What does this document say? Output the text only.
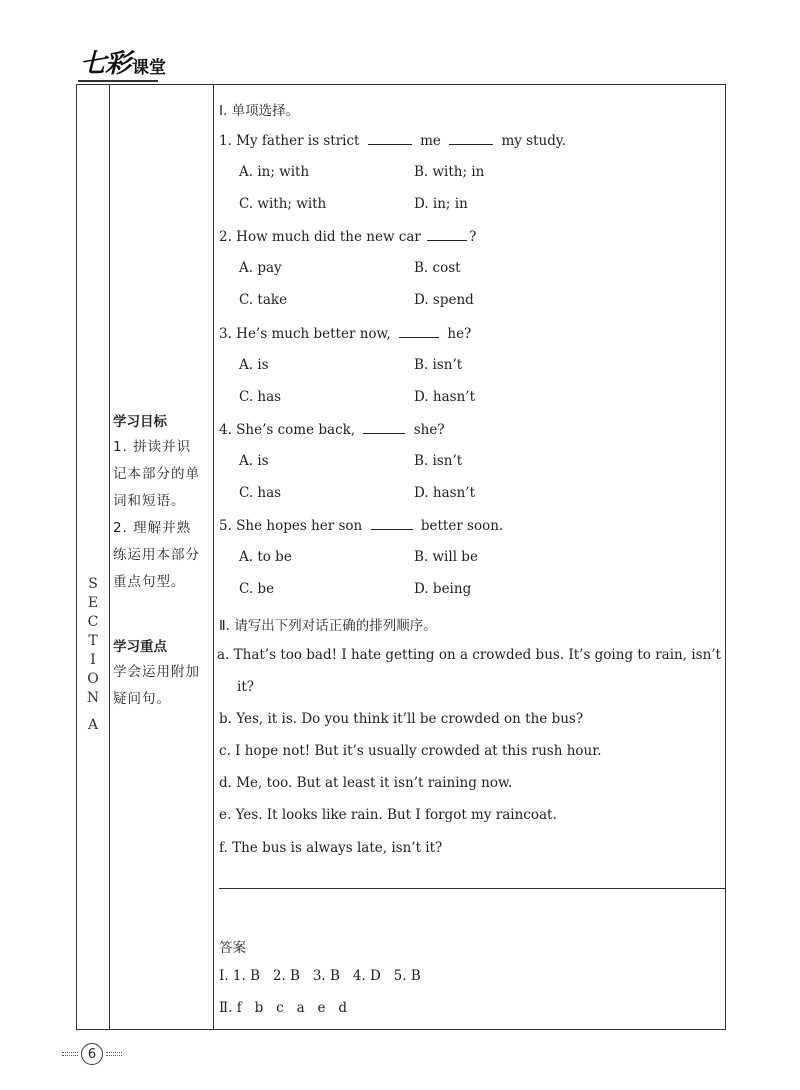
七彩 课堂
S
E
C
T
I
O
N
A
学习目标
1. 拼读并识
记本部分的单
词和短语。
2. 理解并熟
练运用本部分
重点句型。
学习重点
学会运用附加
疑问句。
Ⅰ. 单项选择。
1. My father is strict	me	my study.
A. in; with	B. with; in
C. with; with	D. in; in
2. How much did the new car	?
A. pay	B. cost
C. take	D. spend
3. He’s much better now,	he?
A. is	B. isn’t
C. has	D. hasn’t
4. She’s come back,	she?
A. is	B. isn’t
C. has	D. hasn’t
5. She hopes her son	better soon.
A. to be	B. will be
C. be	D. being
Ⅱ. 请写出下列对话正确的排列顺序。
a. That’s too bad! I hate getting on a crowded bus. It’s going to rain, isn’t
it?
b. Yes, it is. Do you think it’ll be crowded on the bus?
c. I hope not! But it’s usually crowded at this rush hour.
d. Me, too. But at least it isn’t raining now.
e. Yes. It looks like rain. But I forgot my raincoat.
f. The bus is always late, isn’t it?
答案
Ⅰ. 1. B   2. B   3. B   4. D   5. B
Ⅱ. f   b   c   a   e   d
6
